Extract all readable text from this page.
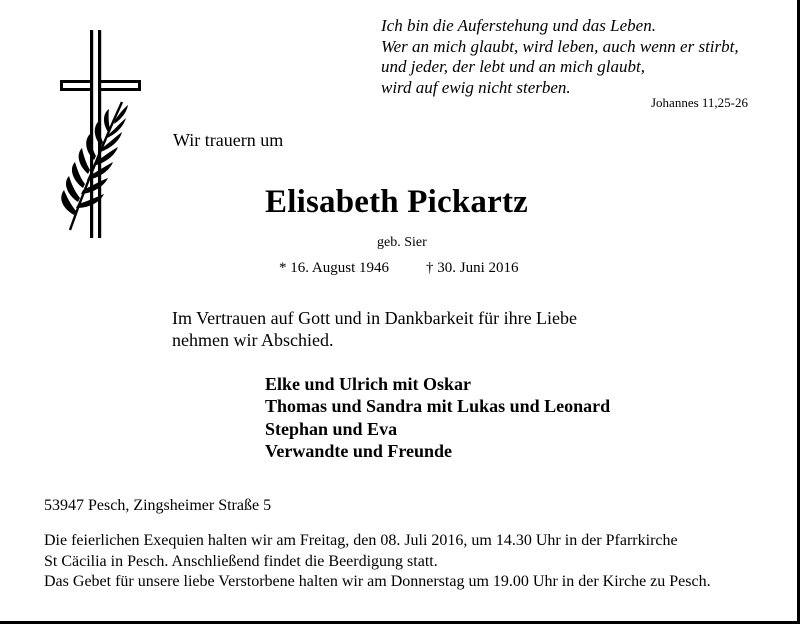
Ich bin die Auferstehung und das Leben.
Wer an mich glaubt, wird leben, auch wenn er stirbt,
und jeder, der lebt und an mich glaubt,
wird auf ewig nicht sterben.
Johannes 11,25-26
Wir trauern um
Elisabeth Pickartz
geb. Sier
* 16. August 1946 † 30. Juni 2016
Im Vertrauen auf Gott und in Dankbarkeit für ihre Liebe
nehmen wir Abschied.
Elke und Ulrich mit Oskar
Thomas und Sandra mit Lukas und Leonard
Stephan und Eva
Verwandte und Freunde
53947 Pesch, Zingsheimer Straße 5
Die feierlichen Exequien halten wir am Freitag, den 08. Juli 2016, um 14.30 Uhr in der Pfarrkirche
St Cäcilia in Pesch. Anschließend findet die Beerdigung statt.
Das Gebet für unsere liebe Verstorbene halten wir am Donnerstag um 19.00 Uhr in der Kirche zu Pesch.
